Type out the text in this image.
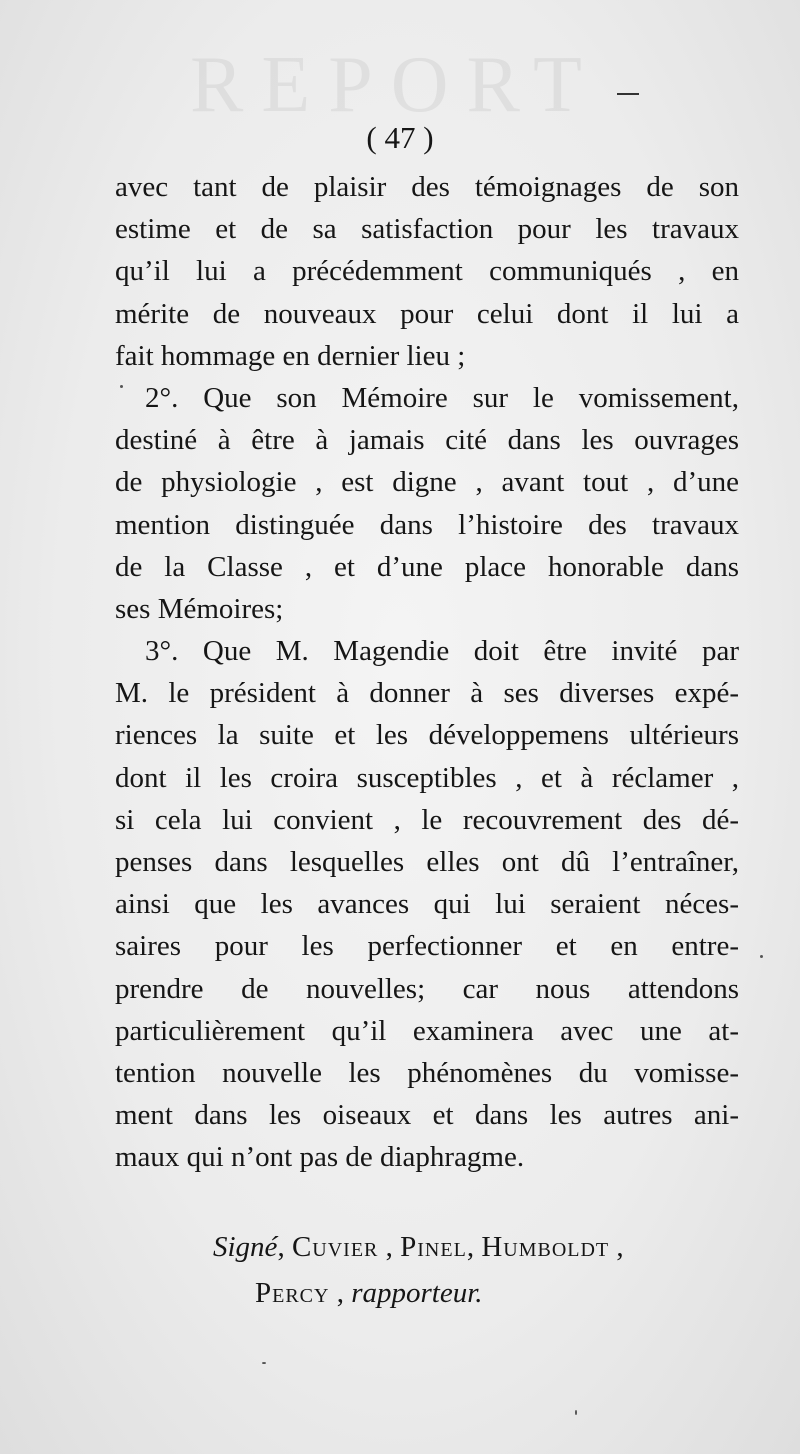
REPORT
( 47 )
avec tant de plaisir des témoignages de son
estime et de sa satisfaction pour les travaux
qu’il lui a précédemment communiqués , en
mérite de nouveaux pour celui dont il lui a
fait hommage en dernier lieu ;
2°. Que son Mémoire sur le vomissement,
destiné à être à jamais cité dans les ouvrages
de physiologie , est digne , avant tout , d’une
mention distinguée dans l’histoire des travaux
de la Classe , et d’une place honorable dans
ses Mémoires;
3°. Que M. Magendie doit être invité par
M. le président à donner à ses diverses expé-
riences la suite et les développemens ultérieurs
dont il les croira susceptibles , et à réclamer ,
si cela lui convient , le recouvrement des dé-
penses dans lesquelles elles ont dû l’entraîner,
ainsi que les avances qui lui seraient néces-
saires pour les perfectionner et en entre-
prendre de nouvelles; car nous attendons
particulièrement qu’il examinera avec une at-
tention nouvelle les phénomènes du vomisse-
ment dans les oiseaux et dans les autres ani-
maux qui n’ont pas de diaphragme.
Signé, Cuvier , Pinel, Humboldt ,
Percy , rapporteur.
